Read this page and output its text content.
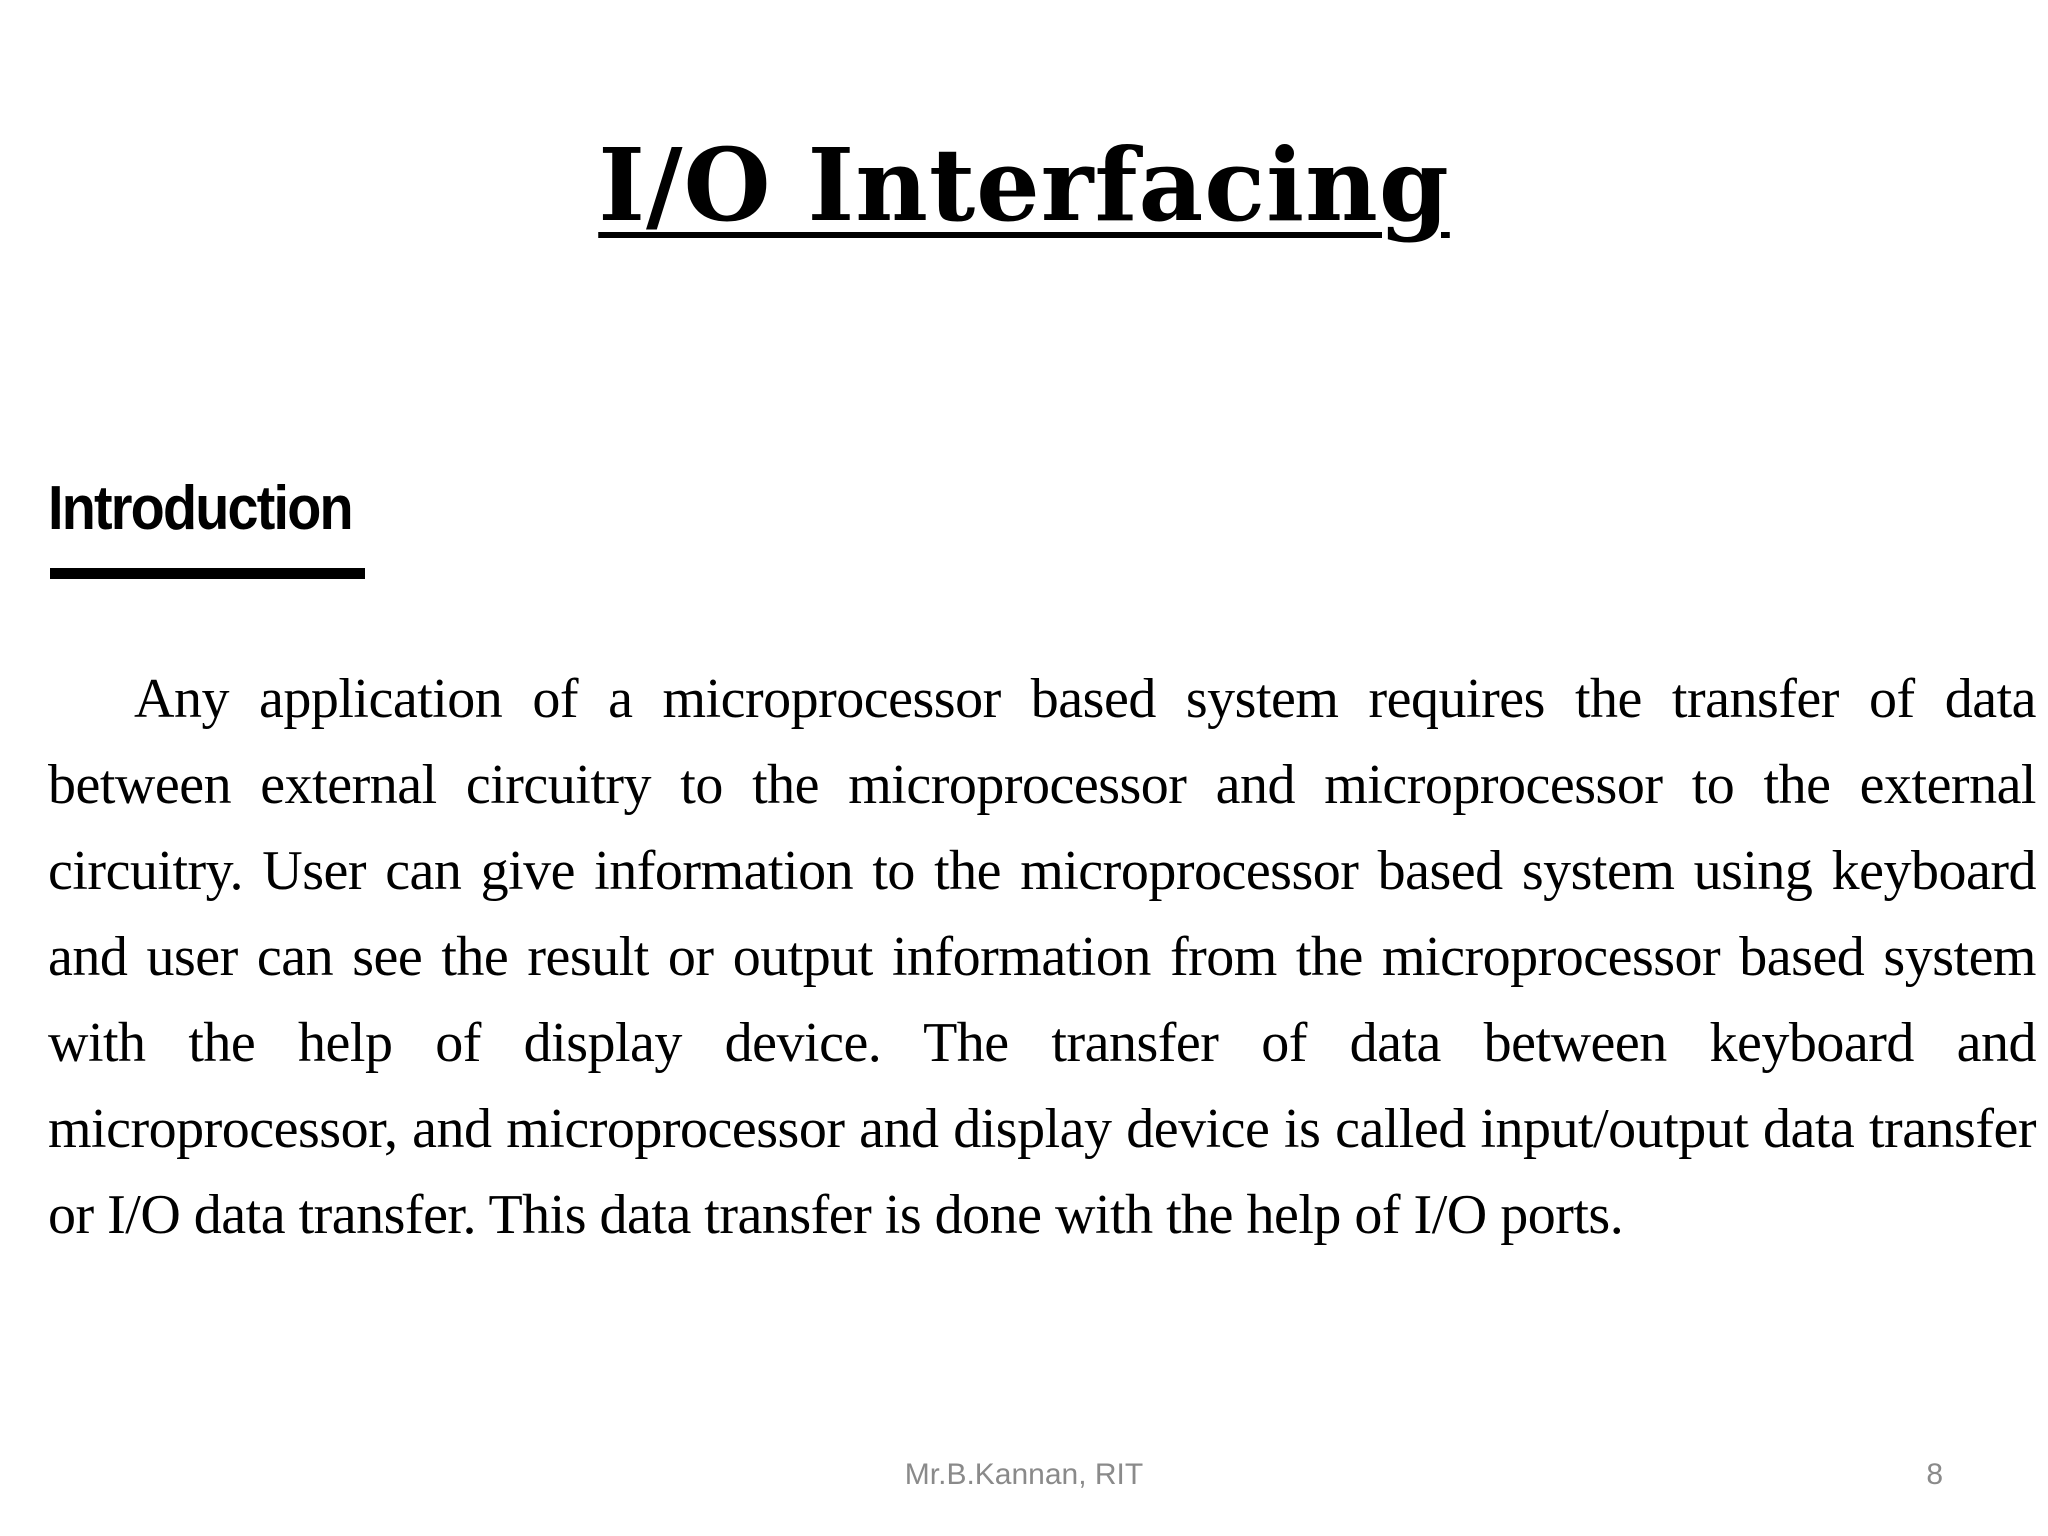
I/O Interfacing
Introduction

Any application of a microprocessor based system requires the transfer of data between external circuitry to the microprocessor and microprocessor to the external circuitry. User can give information to the microprocessor based system using keyboard and user can see the result or output information from the microprocessor based system with the help of display device. The transfer of data between keyboard and microprocessor, and microprocessor and display device is called input/output data transfer or I/O data transfer. This data transfer is done with the help of I/O ports.

Mr.B.Kannan, RIT	8
